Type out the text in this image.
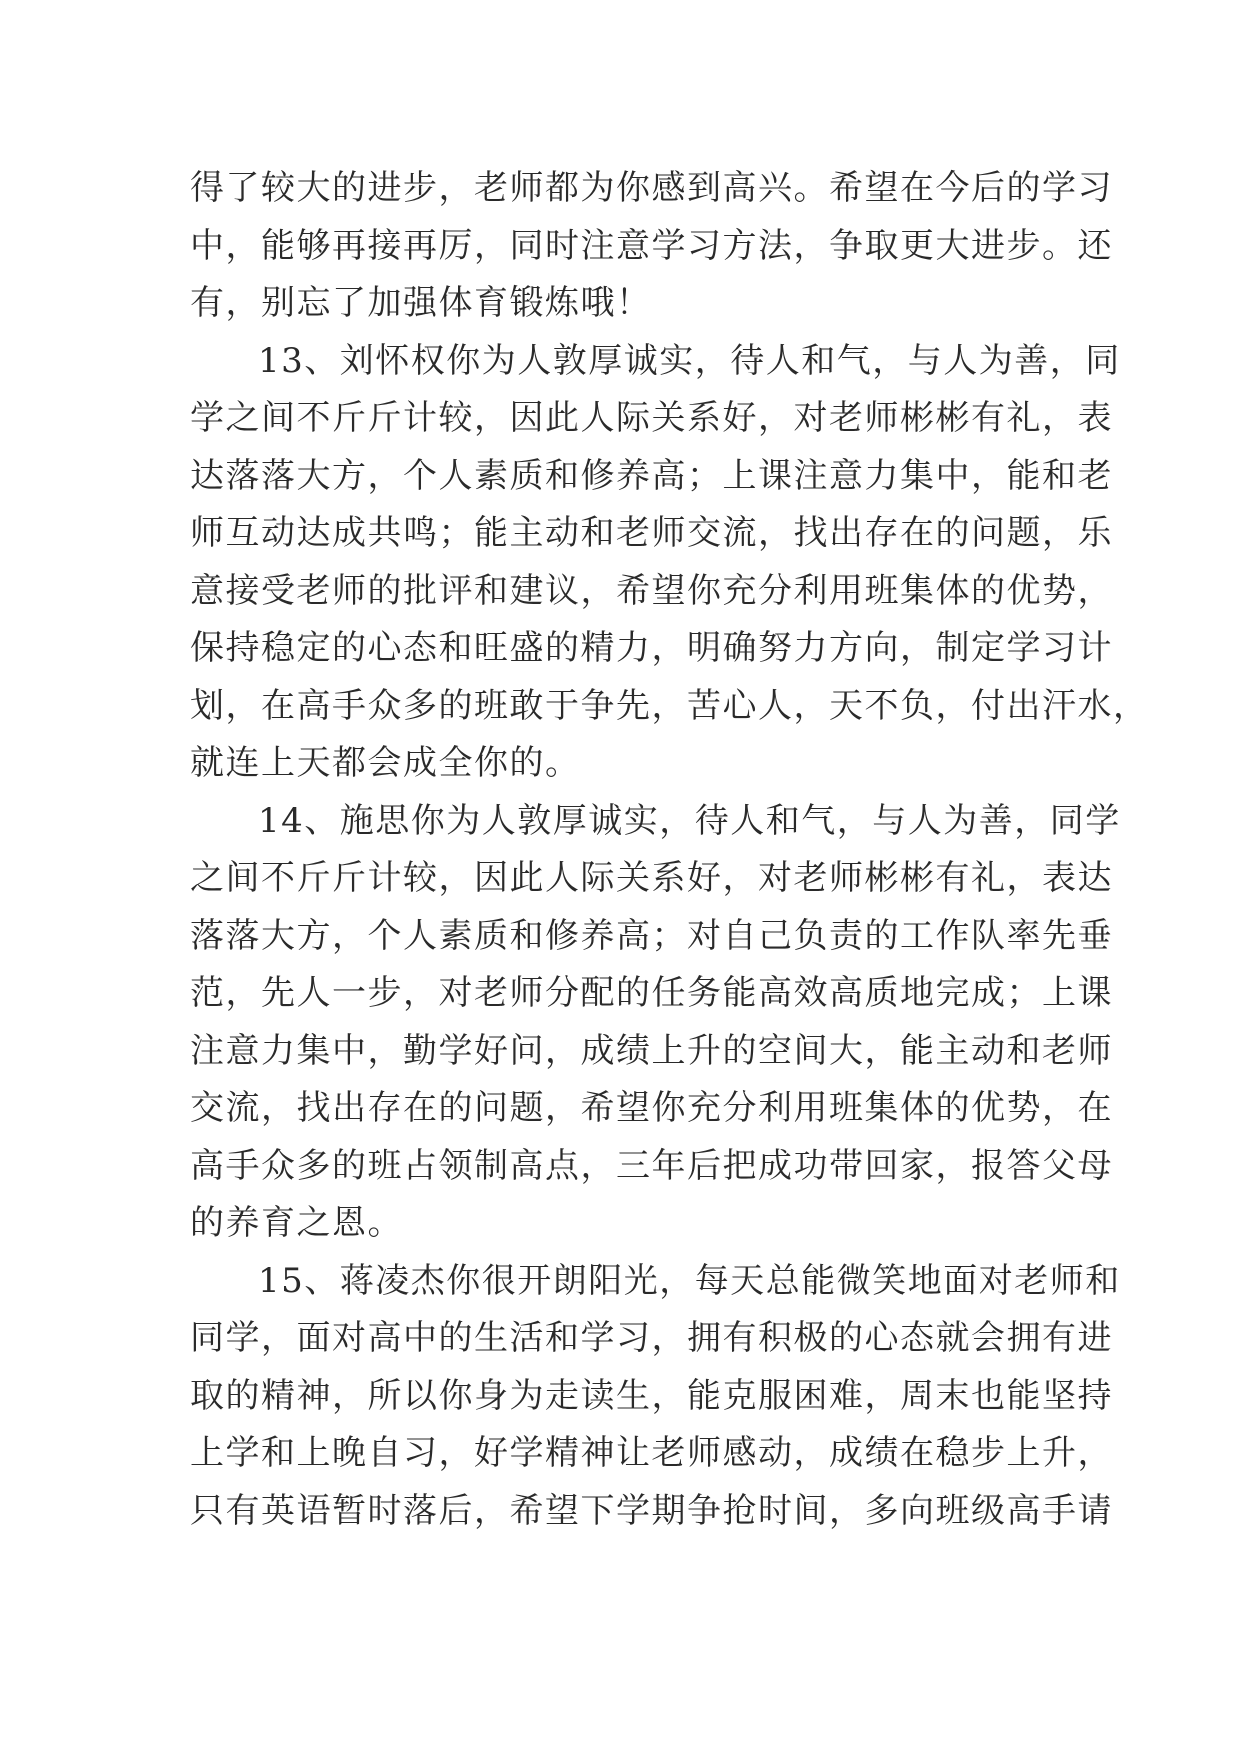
得了较大的进步，老师都为你感到高兴。希望在今后的学习
中，能够再接再厉，同时注意学习方法，争取更大进步。还
有，别忘了加强体育锻炼哦！
13、刘怀权你为人敦厚诚实，待人和气，与人为善，同
学之间不斤斤计较，因此人际关系好，对老师彬彬有礼，表
达落落大方，个人素质和修养高；上课注意力集中，能和老
师互动达成共鸣；能主动和老师交流，找出存在的问题，乐
意接受老师的批评和建议，希望你充分利用班集体的优势，
保持稳定的心态和旺盛的精力，明确努力方向，制定学习计
划，在高手众多的班敢于争先，苦心人，天不负，付出汗水，
就连上天都会成全你的。
14、施思你为人敦厚诚实，待人和气，与人为善，同学
之间不斤斤计较，因此人际关系好，对老师彬彬有礼，表达
落落大方，个人素质和修养高；对自己负责的工作队率先垂
范，先人一步，对老师分配的任务能高效高质地完成；上课
注意力集中，勤学好问，成绩上升的空间大，能主动和老师
交流，找出存在的问题，希望你充分利用班集体的优势，在
高手众多的班占领制高点，三年后把成功带回家，报答父母
的养育之恩。
15、蒋凌杰你很开朗阳光，每天总能微笑地面对老师和
同学，面对高中的生活和学习，拥有积极的心态就会拥有进
取的精神，所以你身为走读生，能克服困难，周末也能坚持
上学和上晚自习，好学精神让老师感动，成绩在稳步上升，
只有英语暂时落后，希望下学期争抢时间，多向班级高手请
